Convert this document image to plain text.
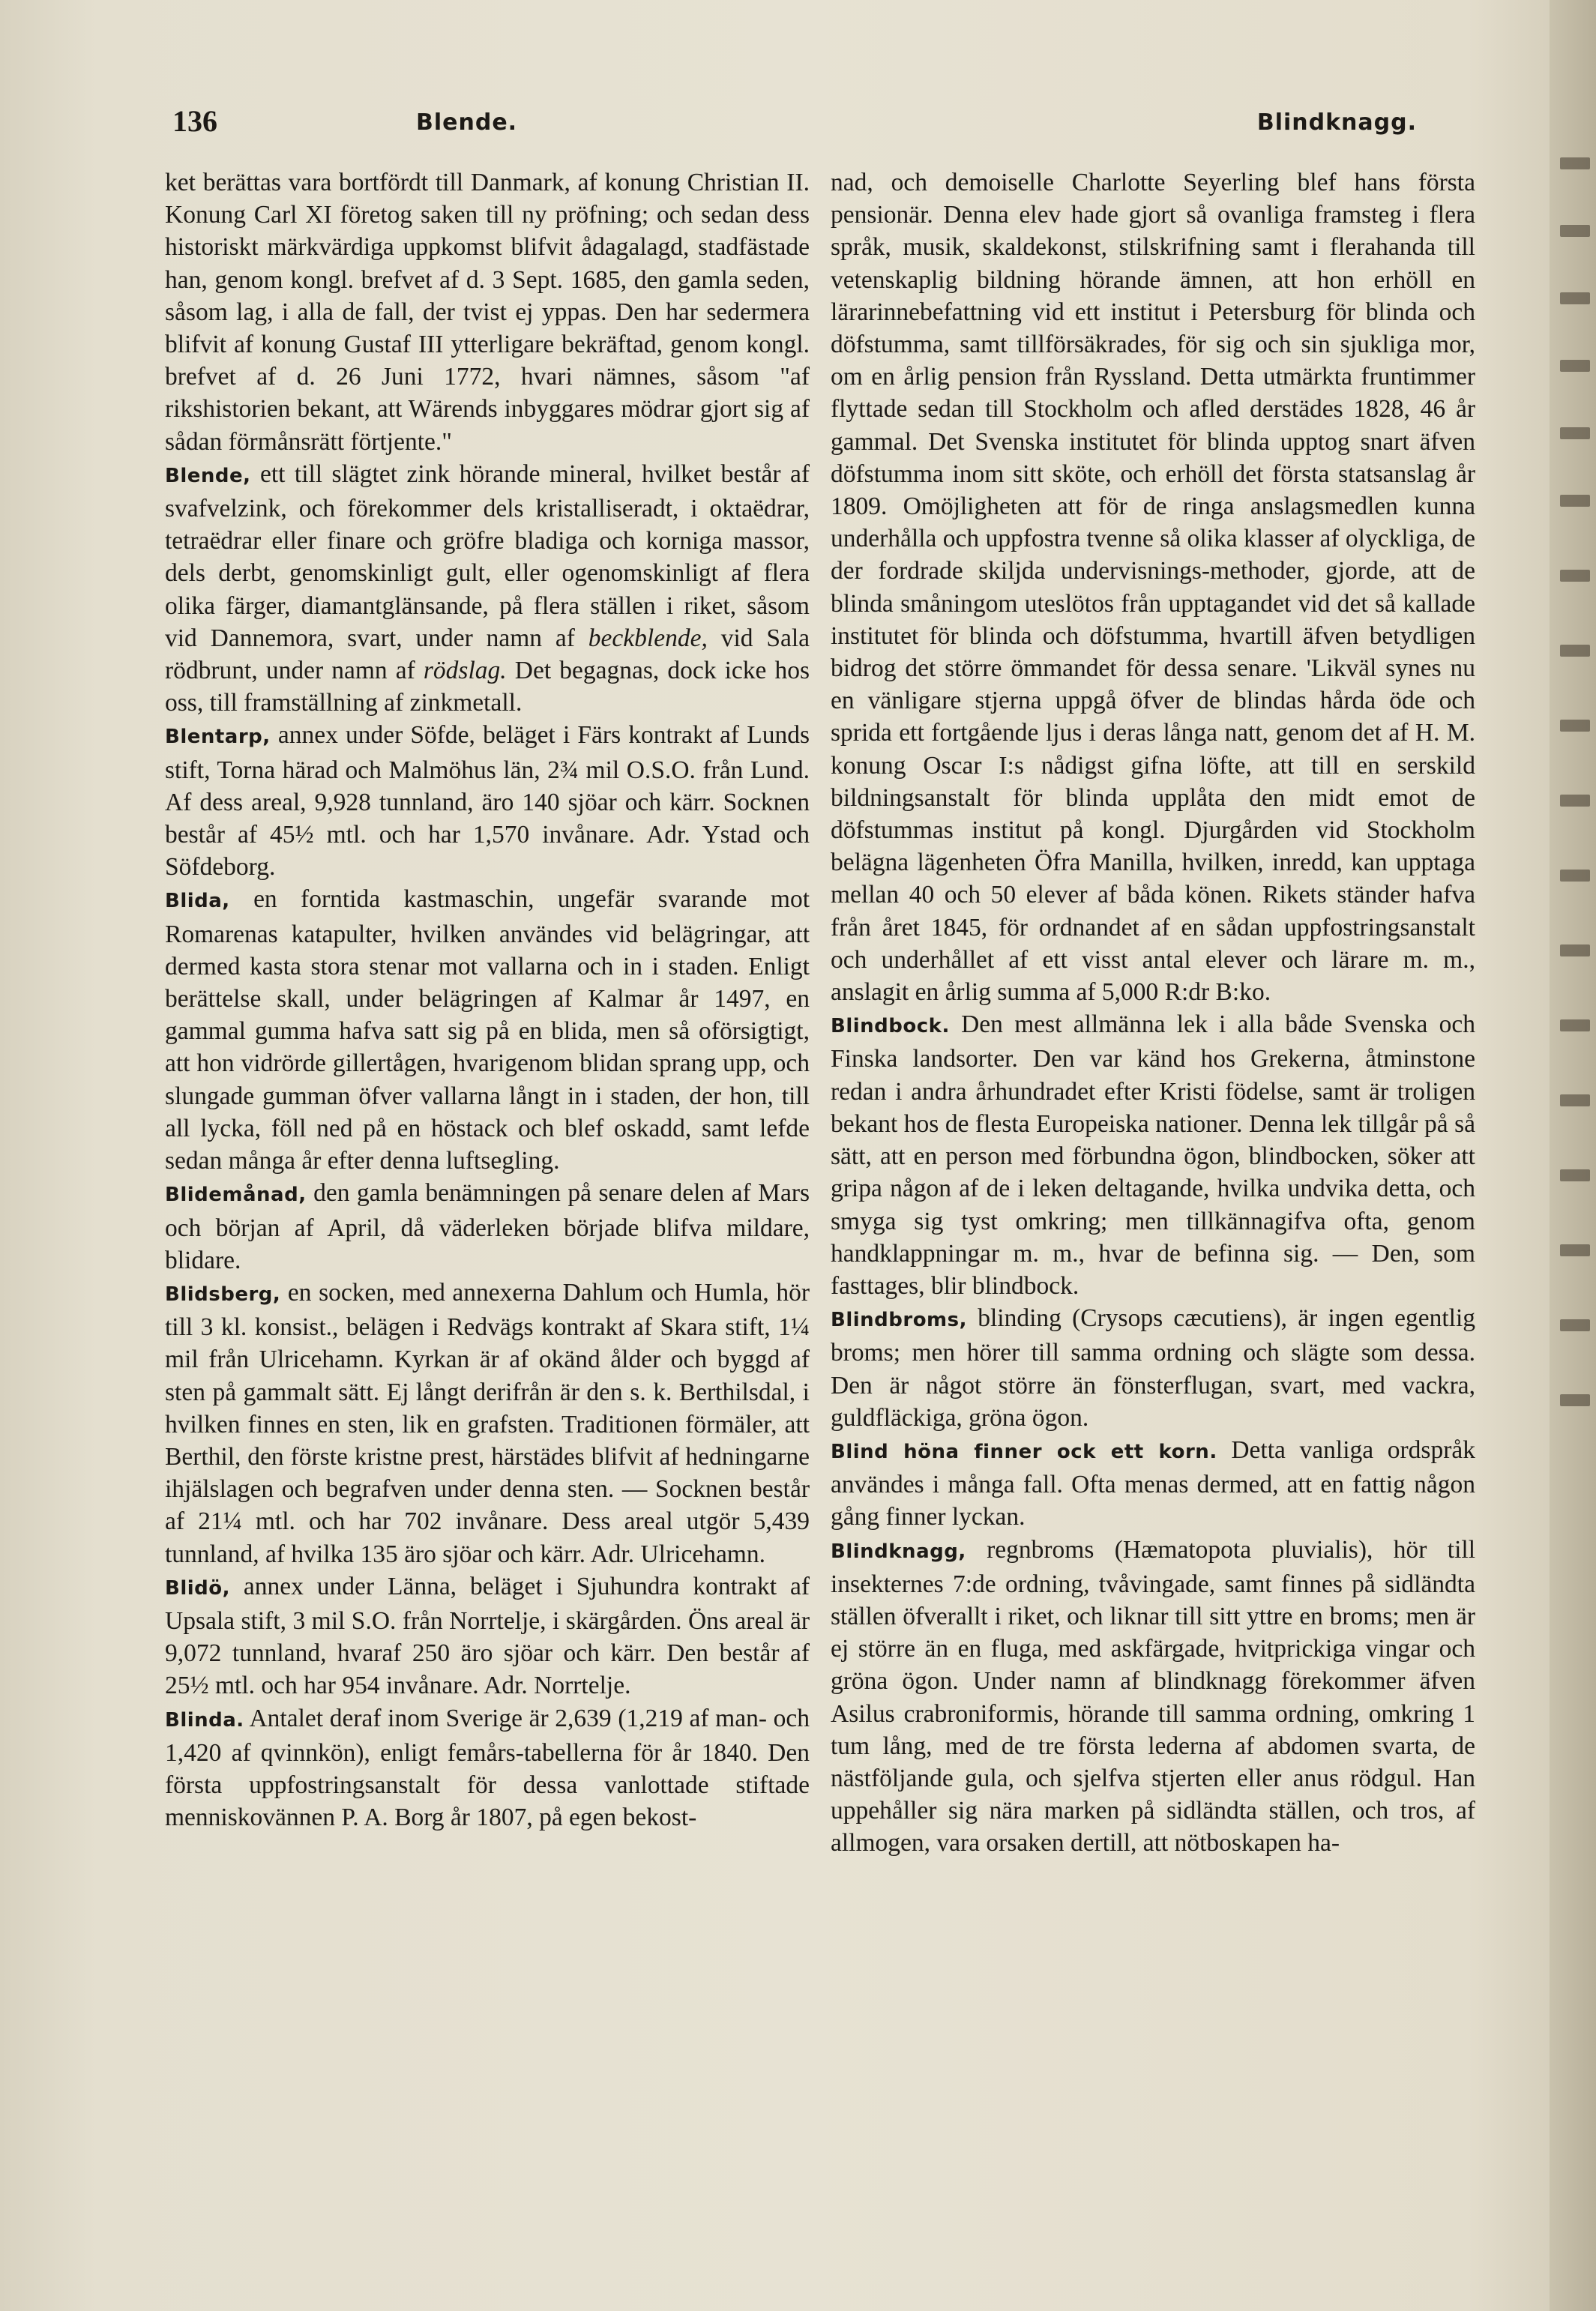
136	Blende.	Blindknagg.

ket berättas vara bortfördt till Danmark, af konung Christian II. Konung Carl XI företog saken till ny pröfning; och sedan dess historiskt märkvärdiga uppkomst blifvit ådagalagd, stadfästade han, genom kongl. brefvet af d. 3 Sept. 1685, den gamla seden, såsom lag, i alla de fall, der tvist ej yppas. Den har sedermera blifvit af konung Gustaf III ytterligare bekräftad, genom kongl. brefvet af d. 26 Juni 1772, hvari nämnes, såsom "af rikshistorien bekant, att Wärends inbyggares mödrar gjort sig af sådan förmånsrätt förtjente."

Blende, ett till slägtet zink hörande mineral, hvilket består af svafvelzink, och förekommer dels kristalliseradt, i oktaëdrar, tetraëdrar eller finare och gröfre bladiga och korniga massor, dels derbt, genomskinligt gult, eller ogenomskinligt af flera olika färger, diamantglänsande, på flera ställen i riket, såsom vid Dannemora, svart, under namn af beckblende, vid Sala rödbrunt, under namn af rödslag. Det begagnas, dock icke hos oss, till framställning af zinkmetall.

Blentarp, annex under Söfde, beläget i Färs kontrakt af Lunds stift, Torna härad och Malmöhus län, 2¾ mil O.S.O. från Lund. Af dess areal, 9,928 tunnland, äro 140 sjöar och kärr. Socknen består af 45½ mtl. och har 1,570 invånare. Adr. Ystad och Söfdeborg.

Blida, en forntida kastmaschin, ungefär svarande mot Romarenas katapulter, hvilken användes vid belägringar, att dermed kasta stora stenar mot vallarna och in i staden. Enligt berättelse skall, under belägringen af Kalmar år 1497, en gammal gumma hafva satt sig på en blida, men så oförsigtigt, att hon vidrörde gillertågen, hvarigenom blidan sprang upp, och slungade gumman öfver vallarna långt in i staden, der hon, till all lycka, föll ned på en höstack och blef oskadd, samt lefde sedan många år efter denna luftsegling.

Blidemånad, den gamla benämningen på senare delen af Mars och början af April, då väderleken började blifva mildare, blidare.

Blidsberg, en socken, med annexerna Dahlum och Humla, hör till 3 kl. konsist., belägen i Redvägs kontrakt af Skara stift, 1¼ mil från Ulricehamn. Kyrkan är af okänd ålder och byggd af sten på gammalt sätt. Ej långt derifrån är den s. k. Berthilsdal, i hvilken finnes en sten, lik en grafsten. Traditionen förmäler, att Berthil, den förste kristne prest, härstädes blifvit af hedningarne ihjälslagen och begrafven under denna sten. — Socknen består af 21¼ mtl. och har 702 invånare. Dess areal utgör 5,439 tunnland, af hvilka 135 äro sjöar och kärr. Adr. Ulricehamn.

Blidö, annex under Länna, beläget i Sjuhundra kontrakt af Upsala stift, 3 mil S.O. från Norrtelje, i skärgården. Öns areal är 9,072 tunnland, hvaraf 250 äro sjöar och kärr. Den består af 25½ mtl. och har 954 invånare. Adr. Norrtelje.

Blinda. Antalet deraf inom Sverige är 2,639 (1,219 af man- och 1,420 af qvinnkön), enligt femårs-tabellerna för år 1840. Den första uppfostringsanstalt för dessa vanlottade stiftade menniskovännen P. A. Borg år 1807, på egen bekost-

nad, och demoiselle Charlotte Seyerling blef hans första pensionär. Denna elev hade gjort så ovanliga framsteg i flera språk, musik, skaldekonst, stilskrifning samt i flerahanda till vetenskaplig bildning hörande ämnen, att hon erhöll en lärarinnebefattning vid ett institut i Petersburg för blinda och döfstumma, samt tillförsäkrades, för sig och sin sjukliga mor, om en årlig pension från Ryssland. Detta utmärkta fruntimmer flyttade sedan till Stockholm och afled derstädes 1828, 46 år gammal. Det Svenska institutet för blinda upptog snart äfven döfstumma inom sitt sköte, och erhöll det första statsanslag år 1809. Omöjligheten att för de ringa anslagsmedlen kunna underhålla och uppfostra tvenne så olika klasser af olyckliga, de der fordrade skiljda undervisnings-methoder, gjorde, att de blinda småningom uteslötos från upptagandet vid det så kallade institutet för blinda och döfstumma, hvartill äfven betydligen bidrog det större ömmandet för dessa senare. 'Likväl synes nu en vänligare stjerna uppgå öfver de blindas hårda öde och sprida ett fortgående ljus i deras långa natt, genom det af H. M. konung Oscar I:s nådigst gifna löfte, att till en serskild bildningsanstalt för blinda upplåta den midt emot de döfstummas institut på kongl. Djurgården vid Stockholm belägna lägenheten Öfra Manilla, hvilken, inredd, kan upptaga mellan 40 och 50 elever af båda könen. Rikets ständer hafva från året 1845, för ordnandet af en sådan uppfostringsanstalt och underhållet af ett visst antal elever och lärare m. m., anslagit en årlig summa af 5,000 R:dr B:ko.

Blindbock. Den mest allmänna lek i alla både Svenska och Finska landsorter. Den var känd hos Grekerna, åtminstone redan i andra århundradet efter Kristi födelse, samt är troligen bekant hos de flesta Europeiska nationer. Denna lek tillgår på så sätt, att en person med förbundna ögon, blindbocken, söker att gripa någon af de i leken deltagande, hvilka undvika detta, och smyga sig tyst omkring; men tillkännagifva ofta, genom handklappningar m. m., hvar de befinna sig. — Den, som fasttages, blir blindbock.

Blindbroms, blinding (Crysops cæcutiens), är ingen egentlig broms; men hörer till samma ordning och slägte som dessa. Den är något större än fönsterflugan, svart, med vackra, guldfläckiga, gröna ögon.

Blind höna finner ock ett korn. Detta vanliga ordspråk användes i många fall. Ofta menas dermed, att en fattig någon gång finner lyckan.

Blindknagg, regnbroms (Hæmatopota pluvialis), hör till insekternes 7:de ordning, tvåvingade, samt finnes på sidländta ställen öfverallt i riket, och liknar till sitt yttre en broms; men är ej större än en fluga, med askfärgade, hvitprickiga vingar och gröna ögon. Under namn af blindknagg förekommer äfven Asilus crabroniformis, hörande till samma ordning, omkring 1 tum lång, med de tre första lederna af abdomen svarta, de nästföljande gula, och sjelfva stjerten eller anus rödgul. Han uppehåller sig nära marken på sidländta ställen, och tros, af allmogen, vara orsaken dertill, att nötboskapen ha-
